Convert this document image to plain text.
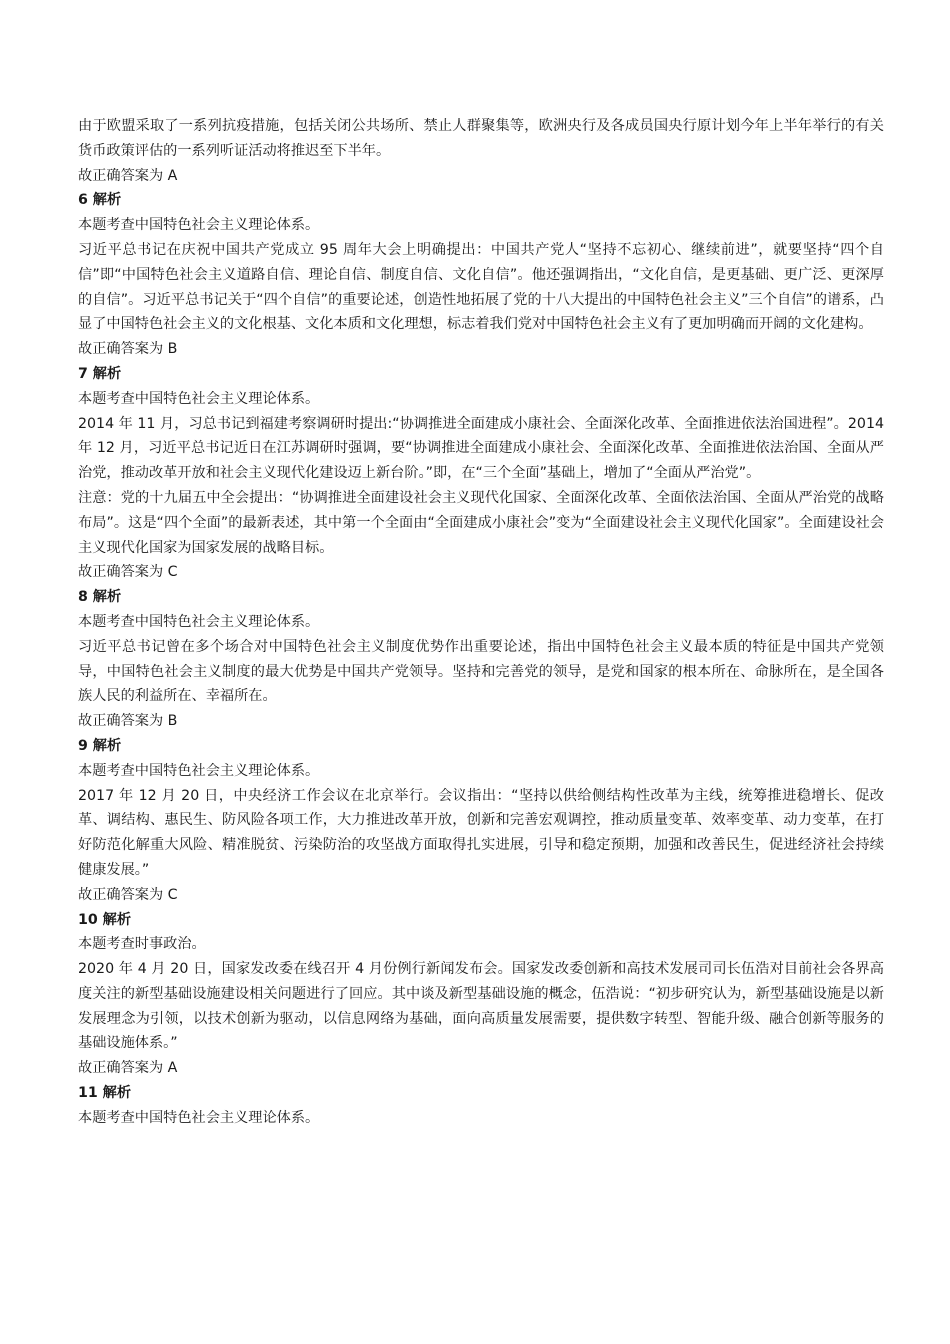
由于欧盟采取了一系列抗疫措施，包括关闭公共场所、禁止人群聚集等，欧洲央行及各成员国央行原计划今年上半年举行的有关货币政策评估的一系列听证活动将推迟至下半年。

故正确答案为 A

6 解析

本题考查中国特色社会主义理论体系。

习近平总书记在庆祝中国共产党成立 95 周年大会上明确提出：中国共产党人“坚持不忘初心、继续前进”，就要坚持“四个自信”即“中国特色社会主义道路自信、理论自信、制度自信、文化自信”。他还强调指出，“文化自信，是更基础、更广泛、更深厚的自信”。习近平总书记关于“四个自信”的重要论述，创造性地拓展了党的十八大提出的中国特色社会主义”三个自信”的谱系，凸显了中国特色社会主义的文化根基、文化本质和文化理想，标志着我们党对中国特色社会主义有了更加明确而开阔的文化建构。

故正确答案为 B

7 解析

本题考查中国特色社会主义理论体系。

2014 年 11 月，习总书记到福建考察调研时提出:“协调推进全面建成小康社会、全面深化改革、全面推进依法治国进程”。2014 年 12 月，习近平总书记近日在江苏调研时强调，要“协调推进全面建成小康社会、全面深化改革、全面推进依法治国、全面从严治党，推动改革开放和社会主义现代化建设迈上新台阶。”即，在“三个全面”基础上，增加了“全面从严治党”。

注意：党的十九届五中全会提出：“协调推进全面建设社会主义现代化国家、全面深化改革、全面依法治国、全面从严治党的战略布局”。这是“四个全面”的最新表述，其中第一个全面由“全面建成小康社会”变为“全面建设社会主义现代化国家”。全面建设社会主义现代化国家为国家发展的战略目标。

故正确答案为 C

8 解析

本题考查中国特色社会主义理论体系。

习近平总书记曾在多个场合对中国特色社会主义制度优势作出重要论述，指出中国特色社会主义最本质的特征是中国共产党领导，中国特色社会主义制度的最大优势是中国共产党领导。坚持和完善党的领导，是党和国家的根本所在、命脉所在，是全国各族人民的利益所在、幸福所在。

故正确答案为 B

9 解析

本题考查中国特色社会主义理论体系。

2017 年 12 月 20 日，中央经济工作会议在北京举行。会议指出：“坚持以供给侧结构性改革为主线，统筹推进稳增长、促改革、调结构、惠民生、防风险各项工作，大力推进改革开放，创新和完善宏观调控，推动质量变革、效率变革、动力变革，在打好防范化解重大风险、精准脱贫、污染防治的攻坚战方面取得扎实进展，引导和稳定预期，加强和改善民生，促进经济社会持续健康发展。”

故正确答案为 C

10 解析

本题考查时事政治。

2020 年 4 月 20 日，国家发改委在线召开 4 月份例行新闻发布会。国家发改委创新和高技术发展司司长伍浩对目前社会各界高度关注的新型基础设施建设相关问题进行了回应。其中谈及新型基础设施的概念，伍浩说：“初步研究认为，新型基础设施是以新发展理念为引领，以技术创新为驱动，以信息网络为基础，面向高质量发展需要，提供数字转型、智能升级、融合创新等服务的基础设施体系。”

故正确答案为 A

11 解析

本题考查中国特色社会主义理论体系。
